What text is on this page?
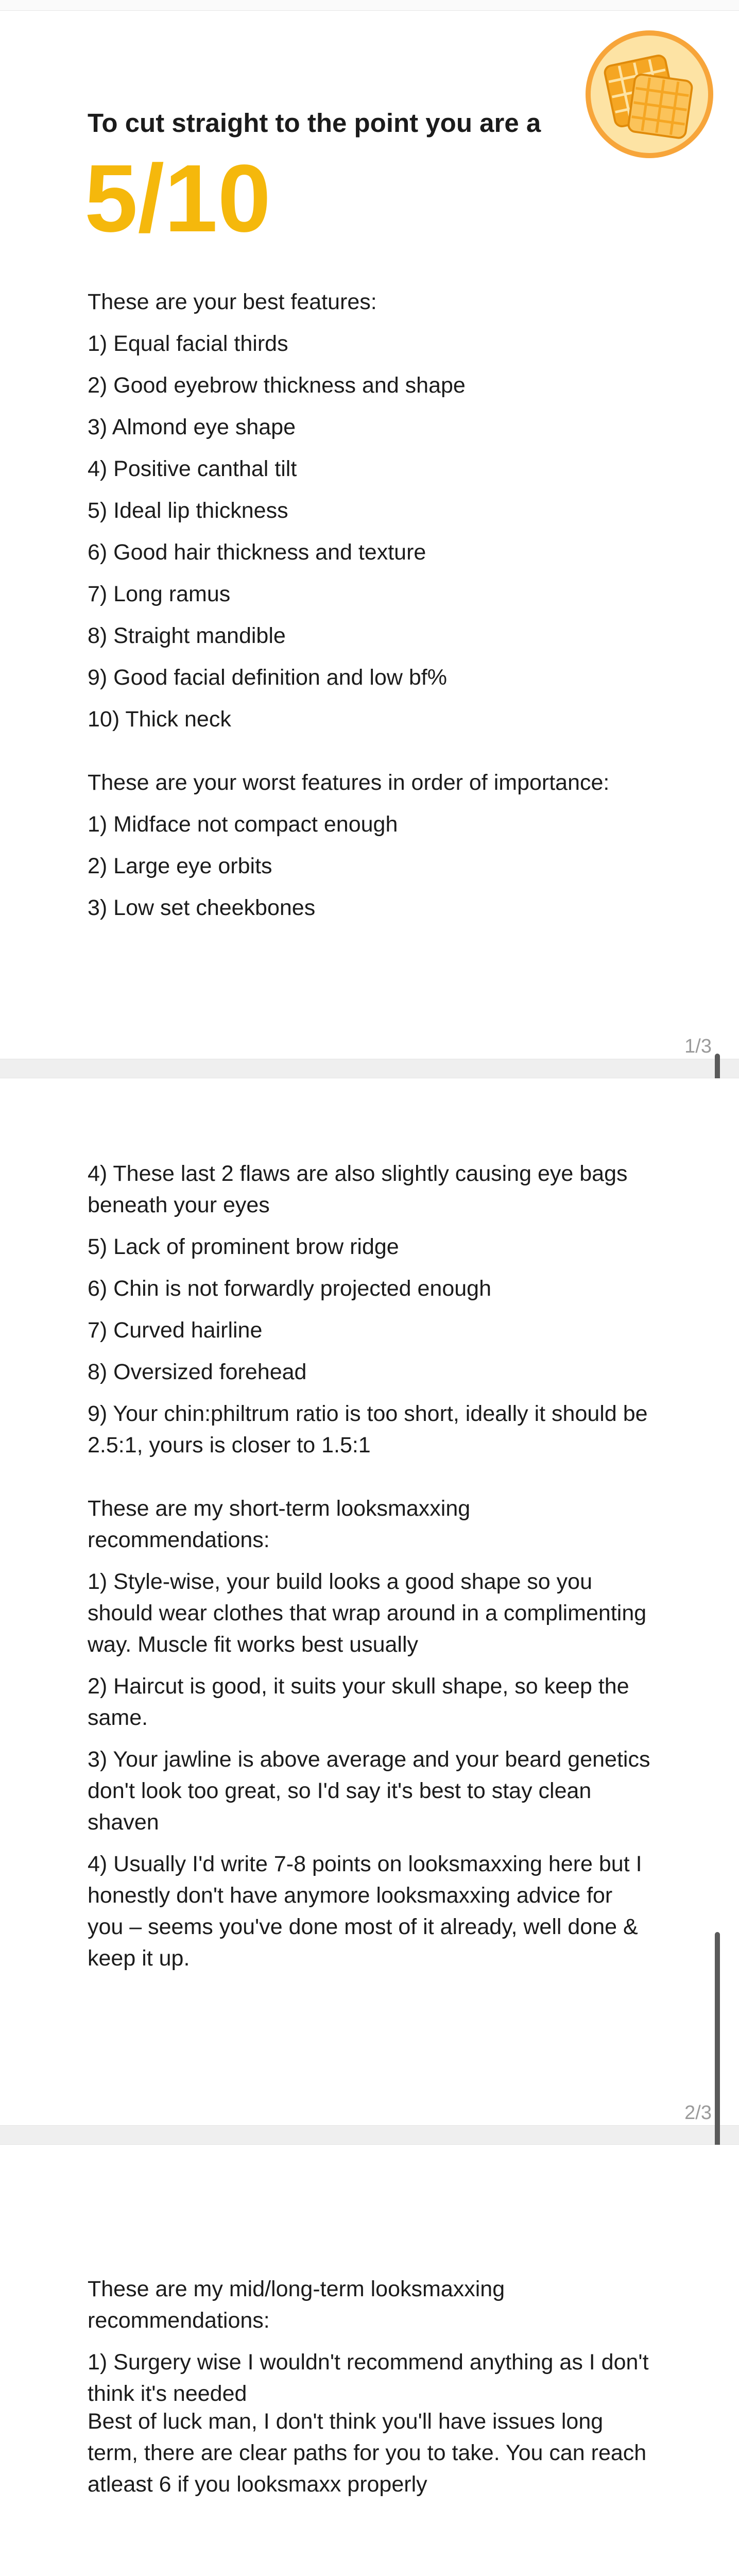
To cut straight to the point you are a
5/10

These are your best features:

1) Equal facial thirds

2) Good eyebrow thickness and shape

3) Almond eye shape

4) Positive canthal tilt

5) Ideal lip thickness

6) Good hair thickness and texture

7) Long ramus

8) Straight mandible

9) Good facial definition and low bf%

10) Thick neck

These are your worst features in order of importance:

1) Midface not compact enough

2) Large eye orbits

3) Low set cheekbones

1/3

4) These last 2 flaws are also slightly causing eye bags beneath your eyes

5) Lack of prominent brow ridge

6) Chin is not forwardly projected enough

7) Curved hairline

8) Oversized forehead

9) Your chin:philtrum ratio is too short, ideally it should be 2.5:1, yours is closer to 1.5:1

These are my short-term looksmaxxing recommendations:

1) Style-wise, your build looks a good shape so you should wear clothes that wrap around in a complimenting way. Muscle fit works best usually

2) Haircut is good, it suits your skull shape, so keep the same.

3) Your jawline is above average and your beard genetics don't look too great, so I'd say it's best to stay clean shaven

4) Usually I'd write 7-8 points on looksmaxxing here but I honestly don't have anymore looksmaxxing advice for you – seems you've done most of it already, well done & keep it up.

2/3

These are my mid/long-term looksmaxxing recommendations:

1) Surgery wise I wouldn't recommend anything as I don't think it's needed

Best of luck man, I don't think you'll have issues long term, there are clear paths for you to take. You can reach atleast 6 if you looksmaxx properly
